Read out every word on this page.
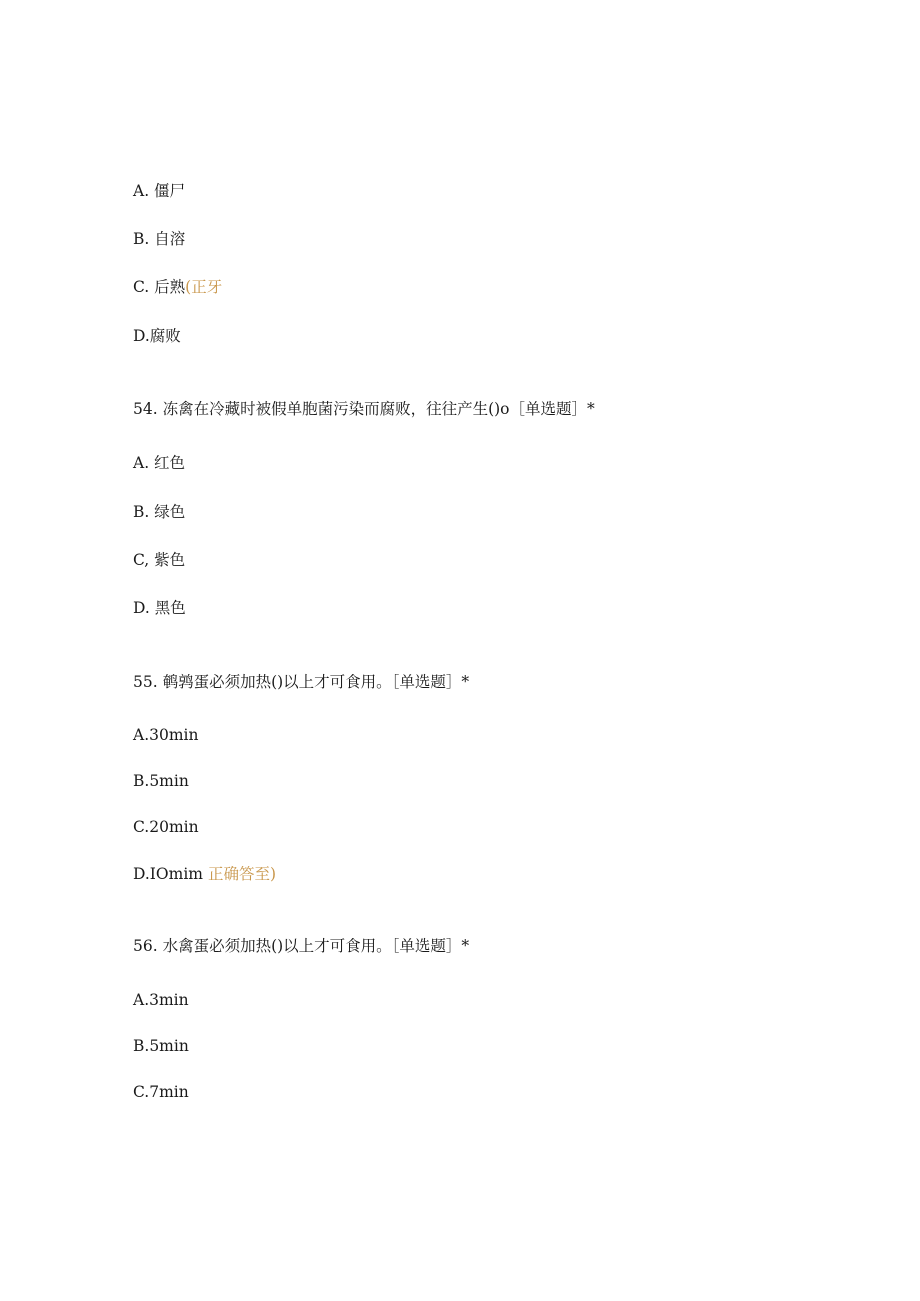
A. 僵尸
B. 自溶
C. 后熟(正牙
D.腐败
54. 冻禽在冷藏时被假单胞菌污染而腐败，往往产生()o［单选题］*
A. 红色
B. 绿色
C, 紫色
D. 黑色
55. 鹌鹑蛋必须加热()以上才可食用。［单选题］*
A.30min
B.5min
C.20min
D.IOmim 正确答至)
56. 水禽蛋必须加热()以上才可食用。［单选题］*
A.3min
B.5min
C.7min
